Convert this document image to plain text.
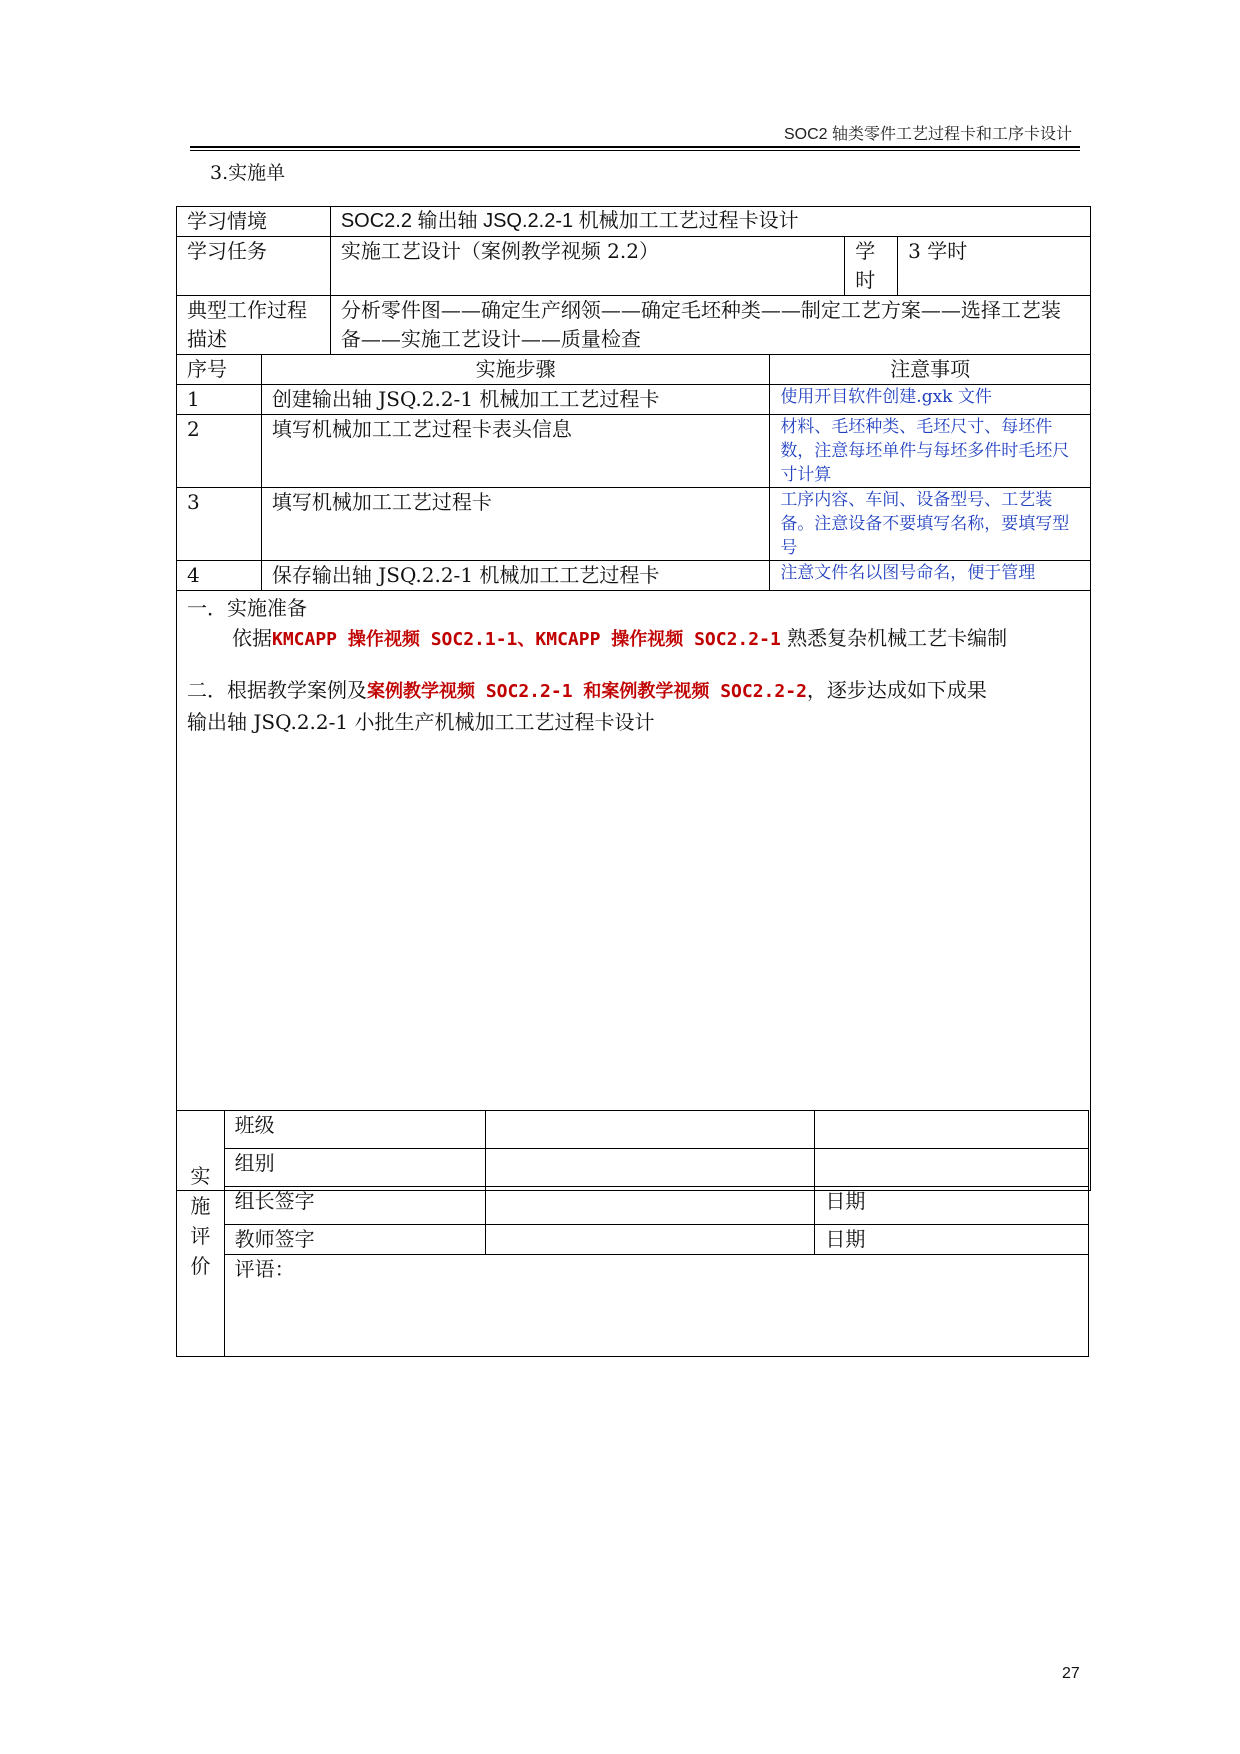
SOC2 轴类零件工艺过程卡和工序卡设计
3.实施单
学习情境		SOC2.2 输出轴 JSQ.2.2-1 机械加工工艺过程卡设计			
学习任务		实施工艺设计（案例教学视频 2.2）		学时	3 学时
典型工作过程描述		分析零件图——确定生产纲领——确定毛坯种类——制定工艺方案——选择工艺装备——实施工艺设计——质量检查			
序号	实施步骤		注意事项		
1	创建输出轴 JSQ.2.2-1 机械加工工艺过程卡		使用开目软件创建.gxk 文件		
2	填写机械加工工艺过程卡表头信息		材料、毛坯种类、毛坯尺寸、每坯件数，注意每坯单件与每坯多件时毛坯尺寸计算		
3	填写机械加工工艺过程卡		工序内容、车间、设备型号、工艺装备。注意设备不要填写名称，要填写型号		
4	保存输出轴 JSQ.2.2-1 机械加工工艺过程卡		注意文件名以图号命名，便于管理		

一．实施准备

依据KMCAPP 操作视频 SOC2.1-1、KMCAPP 操作视频 SOC2.2-1 熟悉复杂机械工艺卡编制

二．根据教学案例及案例教学视频 SOC2.2-1 和案例教学视频 SOC2.2-2，逐步达成如下成果

输出轴 JSQ.2.2-1 小批生产机械加工工艺过程卡设计					

实
施
评
价	班级		
	组别		
	组长签字		日期
	教师签字		日期
	评语：		
27
